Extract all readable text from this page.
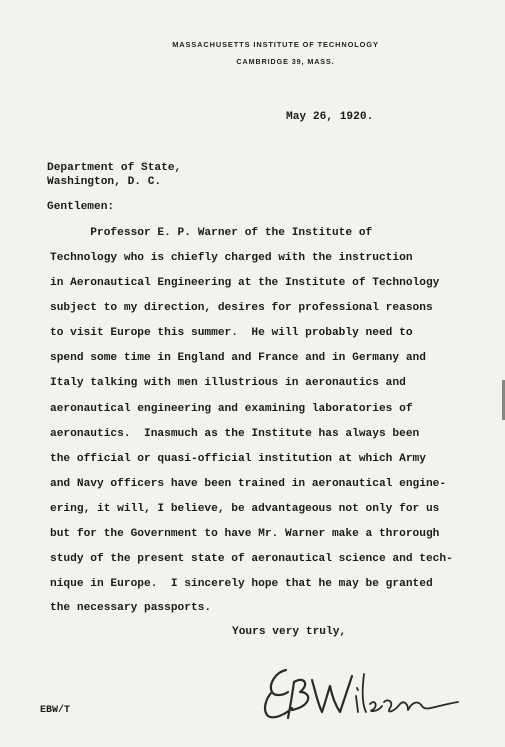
MASSACHUSETTS INSTITUTE OF TECHNOLOGY
CAMBRIDGE 39, MASS.
May 26, 1920.
Department of State,
Washington, D. C.
Gentlemen:
Professor E. P. Warner of the Institute of
Technology who is chiefly charged with the instruction
in Aeronautical Engineering at the Institute of Technology
subject to my direction, desires for professional reasons
to visit Europe this summer.  He will probably need to
spend some time in England and France and in Germany and
Italy talking with men illustrious in aeronautics and
aeronautical engineering and examining laboratories of
aeronautics.  Inasmuch as the Institute has always been
the official or quasi-official institution at which Army
and Navy officers have been trained in aeronautical engine-
ering, it will, I believe, be advantageous not only for us
but for the Government to have Mr. Warner make a throrough
study of the present state of aeronautical science and tech-
nique in Europe.  I sincerely hope that he may be granted
the necessary passports.
Yours very truly,
EBW/T
